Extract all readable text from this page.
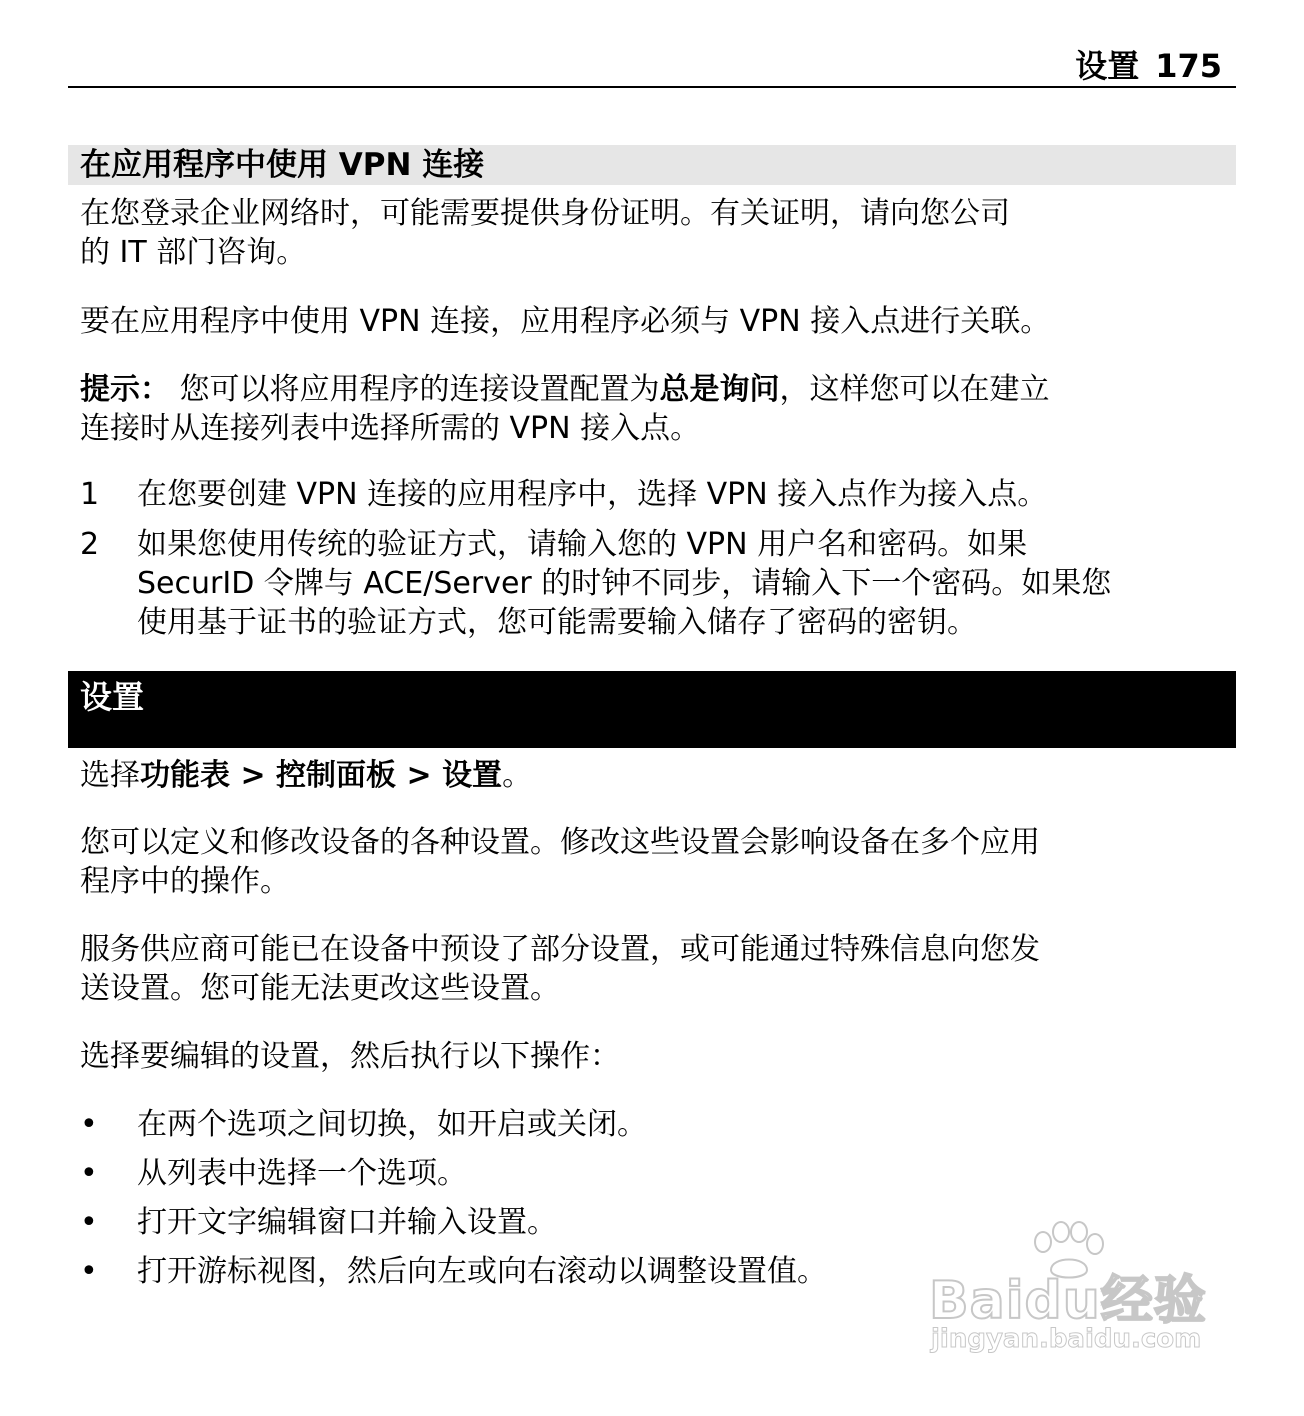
设置 175
在应用程序中使用 VPN 连接

在您登录企业网络时，可能需要提供身份证明。有关证明，请向您公司
的 IT 部门咨询。

要在应用程序中使用 VPN 连接，应用程序必须与 VPN 接入点进行关联。

提示： 您可以将应用程序的连接设置配置为总是询问，这样您可以在建立
连接时从连接列表中选择所需的 VPN 接入点。

1	在您要创建 VPN 连接的应用程序中，选择 VPN 接入点作为接入点。
2	如果您使用传统的验证方式，请输入您的 VPN 用户名和密码。如果
SecurID 令牌与 ACE/Server 的时钟不同步，请输入下一个密码。如果您
使用基于证书的验证方式，您可能需要输入储存了密码的密钥。
设置

选择功能表 > 控制面板 > 设置。

您可以定义和修改设备的各种设置。修改这些设置会影响设备在多个应用
程序中的操作。

服务供应商可能已在设备中预设了部分设置，或可能通过特殊信息向您发
送设置。您可能无法更改这些设置。

选择要编辑的设置，然后执行以下操作：

•	在两个选项之间切换，如开启或关闭。
•	从列表中选择一个选项。
•	打开文字编辑窗口并输入设置。
•	打开游标视图，然后向左或向右滚动以调整设置值。 Baidu经验
jingyan.baidu.com
